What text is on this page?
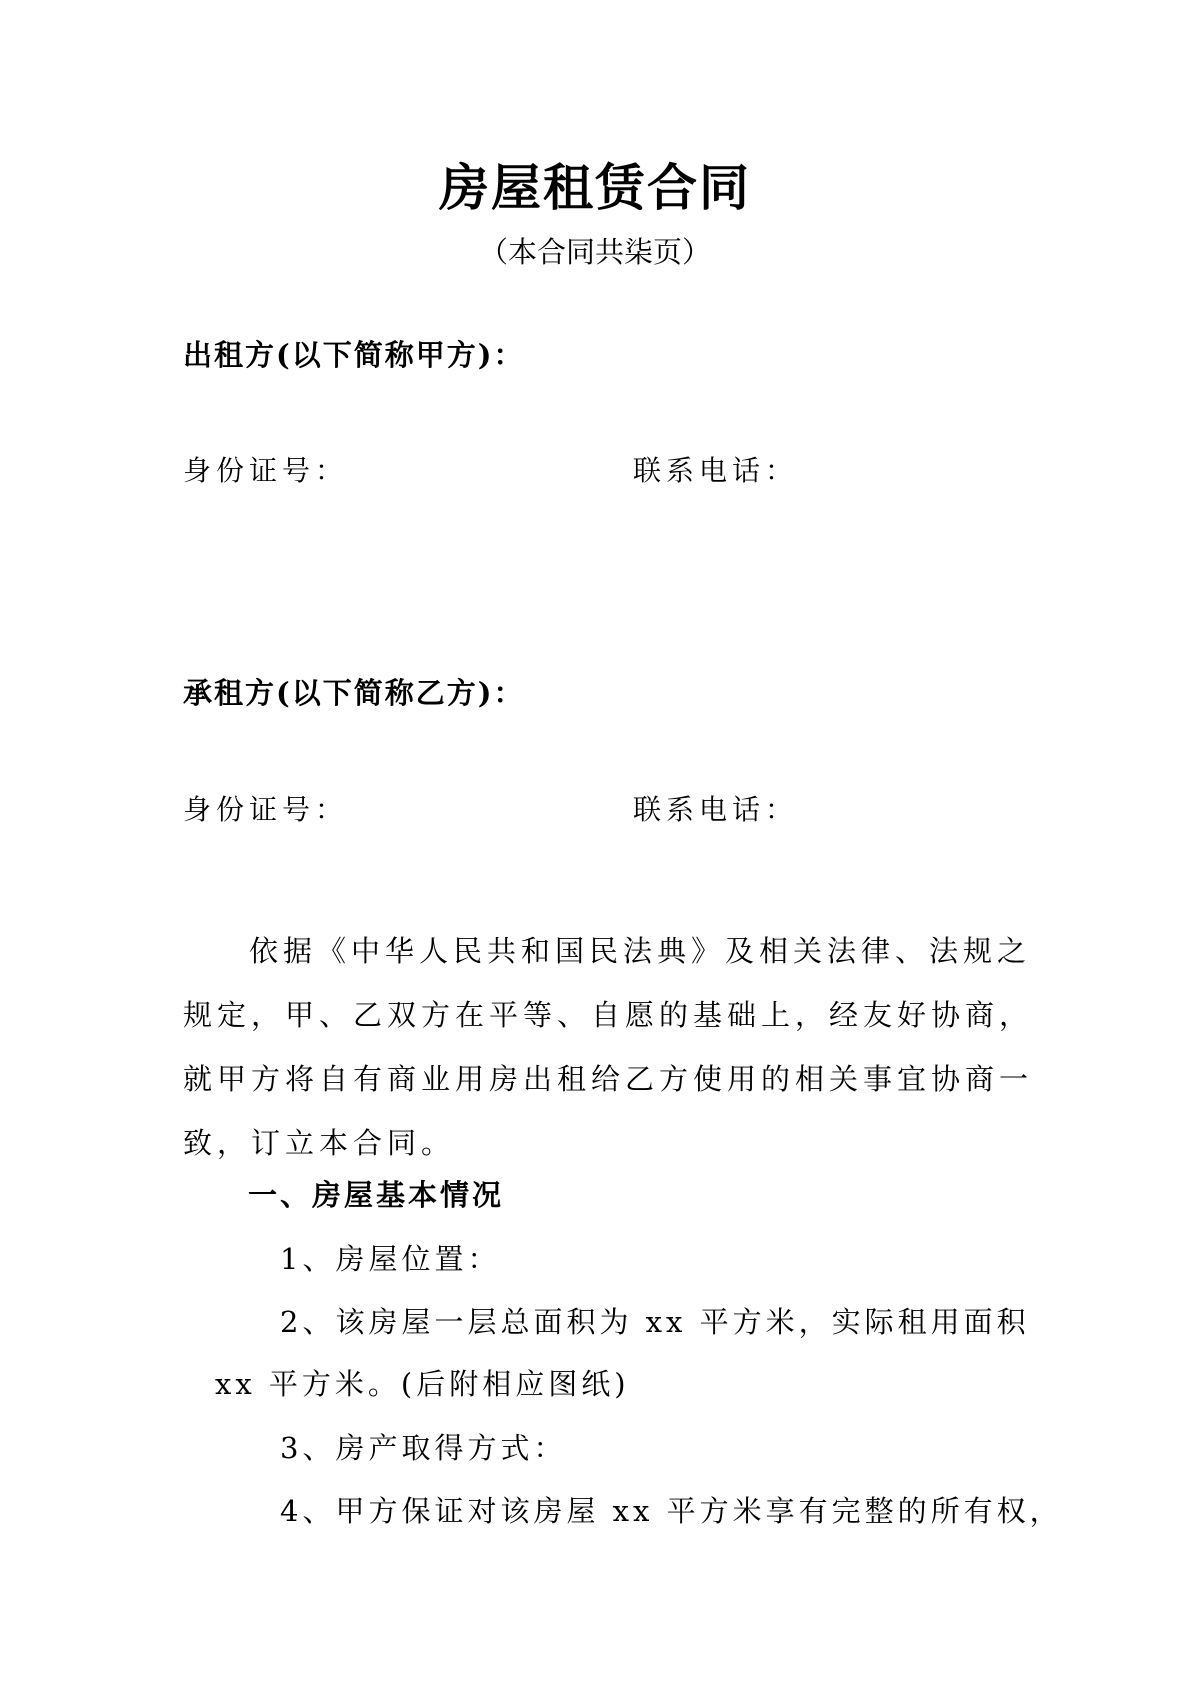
房屋租赁合同
（本合同共柒页）
出租方(以下简称甲方)：
身份证号：	联系电话：
承租方(以下简称乙方)：
身份证号：	联系电话：
依据《中华人民共和国民法典》及相关法律、法规之
规定，甲、乙双方在平等、自愿的基础上，经友好协商，
就甲方将自有商业用房出租给乙方使用的相关事宜协商一
致，订立本合同。
一、房屋基本情况
1、房屋位置：
2、该房屋一层总面积为 xx 平方米，实际租用面积
xx 平方米。(后附相应图纸)
3、房产取得方式：
4、甲方保证对该房屋 xx 平方米享有完整的所有权，
